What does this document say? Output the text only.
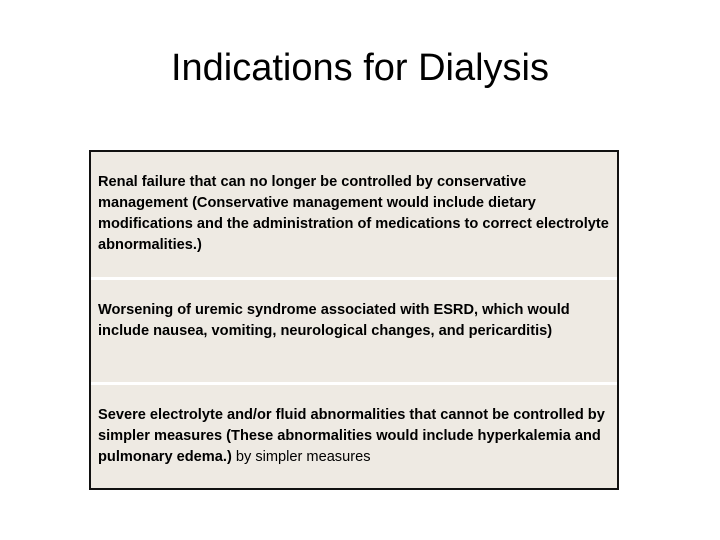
Indications for Dialysis
Renal failure that can no longer be controlled by conservative management (Conservative management would include dietary modifications and the administration of medications to correct electrolyte abnormalities.)
Worsening of uremic syndrome associated with ESRD, which would include nausea, vomiting, neurological changes, and pericarditis)
Severe electrolyte and/or fluid abnormalities that cannot be controlled by simpler measures (These abnormalities would include hyperkalemia and pulmonary edema.) by simpler measures
